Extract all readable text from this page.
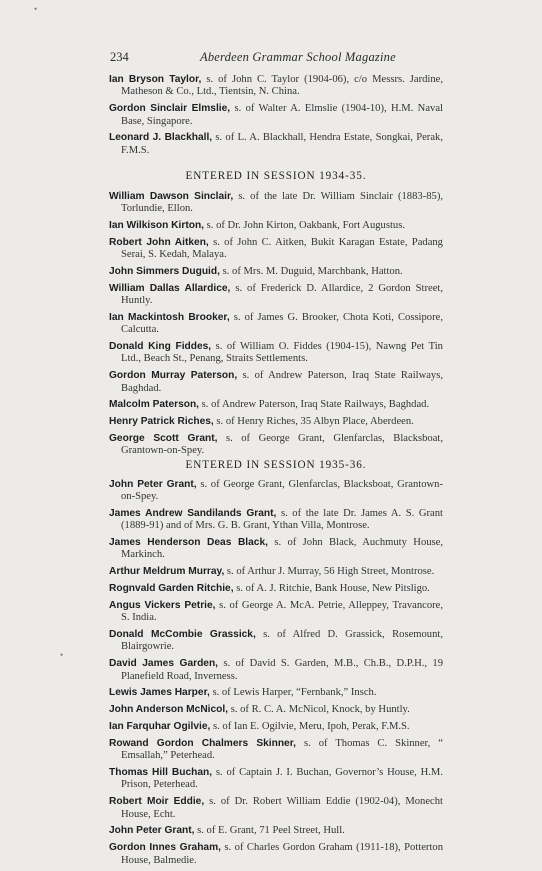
•
•
234	Aberdeen Grammar School Magazine
Ian Bryson Taylor, s. of John C. Taylor (1904-06), c/o Messrs. Jardine, Matheson & Co., Ltd., Tientsin, N. China.
Gordon Sinclair Elmslie, s. of Walter A. Elmslie (1904-10), H.M. Naval Base, Singapore.
Leonard J. Blackhall, s. of L. A. Blackhall, Hendra Estate, Songkai, Perak, F.M.S.
ENTERED IN SESSION 1934-35.
William Dawson Sinclair, s. of the late Dr. William Sinclair (1883-85), Torlundie, Ellon.
Ian Wilkison Kirton, s. of Dr. John Kirton, Oakbank, Fort Augustus.
Robert John Aitken, s. of John C. Aitken, Bukit Karagan Estate, Padang Serai, S. Kedah, Malaya.
John Simmers Duguid, s. of Mrs. M. Duguid, Marchbank, Hatton.
William Dallas Allardice, s. of Frederick D. Allardice, 2 Gordon Street, Huntly.
Ian Mackintosh Brooker, s. of James G. Brooker, Chota Koti, Cossipore, Calcutta.
Donald King Fiddes, s. of William O. Fiddes (1904-15), Nawng Pet Tin Ltd., Beach St., Penang, Straits Settlements.
Gordon Murray Paterson, s. of Andrew Paterson, Iraq State Railways, Baghdad.
Malcolm Paterson, s. of Andrew Paterson, Iraq State Railways, Baghdad.
Henry Patrick Riches, s. of Henry Riches, 35 Albyn Place, Aberdeen.
George Scott Grant, s. of George Grant, Glenfarclas, Blacksboat, Grantown-on-Spey.
ENTERED IN SESSION 1935-36.
John Peter Grant, s. of George Grant, Glenfarclas, Blacksboat, Grantown-on-Spey.
James Andrew Sandilands Grant, s. of the late Dr. James A. S. Grant (1889-91) and of Mrs. G. B. Grant, Ythan Villa, Montrose.
James Henderson Deas Black, s. of John Black, Auchmuty House, Markinch.
Arthur Meldrum Murray, s. of Arthur J. Murray, 56 High Street, Montrose.
Rognvald Garden Ritchie, s. of A. J. Ritchie, Bank House, New Pitsligo.
Angus Vickers Petrie, s. of George A. McA. Petrie, Alleppey, Travancore, S. India.
Donald McCombie Grassick, s. of Alfred D. Grassick, Rosemount, Blairgowrie.
David James Garden, s. of David S. Garden, M.B., Ch.B., D.P.H., 19 Planefield Road, Inverness.
Lewis James Harper, s. of Lewis Harper, “Fernbank,” Insch.
John Anderson McNicol, s. of R. C. A. McNicol, Knock, by Huntly.
Ian Farquhar Ogilvie, s. of Ian E. Ogilvie, Meru, Ipoh, Perak, F.M.S.
Rowand Gordon Chalmers Skinner, s. of Thomas C. Skinner, “ Emsallah,” Peterhead.
Thomas Hill Buchan, s. of Captain J. I. Buchan, Governor’s House, H.M. Prison, Peterhead.
Robert Moir Eddie, s. of Dr. Robert William Eddie (1902-04), Monecht House, Echt.
John Peter Grant, s. of E. Grant, 71 Peel Street, Hull.
Gordon Innes Graham, s. of Charles Gordon Graham (1911-18), Potterton House, Balmedie.
